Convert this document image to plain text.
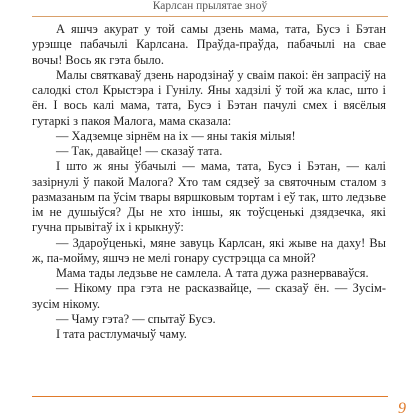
Карлсан прылятае зноў

А яшчэ акурат у той самы дзень мама, тата, Бусэ і Бэтан урэшце пабачылі Карлсана. Праўда-праўда, пабачылі на свае вочы! Вось як гэта было.

Малы святкаваў дзень народзінаў у сваім пакоі: ён запрасіў на салодкі стол Крыстэра і Гунілу. Яны хадзілі ў той жа клас, што і ён. І вось калі мама, тата, Бусэ і Бэтан пачулі смех і вясёлыя гутаркі з пакоя Малога, мама сказала:

— Хадземце зірнём на іх — яны такія мілыя!

— Так, давайце! — сказаў тата.

І што ж яны ўбачылі — мама, тата, Бусэ і Бэтан, — калі зазірнулі ў пакой Малога? Хто там сядзеў за святочным сталом з размазаным па ўсім твары вяршковым тортам і еў так, што ледзьве ім не душыўся? Ды не хто іншы, як тоўсценькі дзядзечка, які гучна прывітаў іх і крыкнуў:

— Здароўценькі, мяне завуць Карлсан, які жыве на даху! Вы ж, па-мойму, яшчэ не мелі гонару сустрэцца са мной?

Мама тады ледзьве не самлела. А тата дужа разнерваваўся.

— Нікому пра гэта не расказвайце, — сказаў ён. — Зусім-зусім нікому.

— Чаму гэта? — спытаў Бусэ.

І тата растлумачыў чаму.

9
